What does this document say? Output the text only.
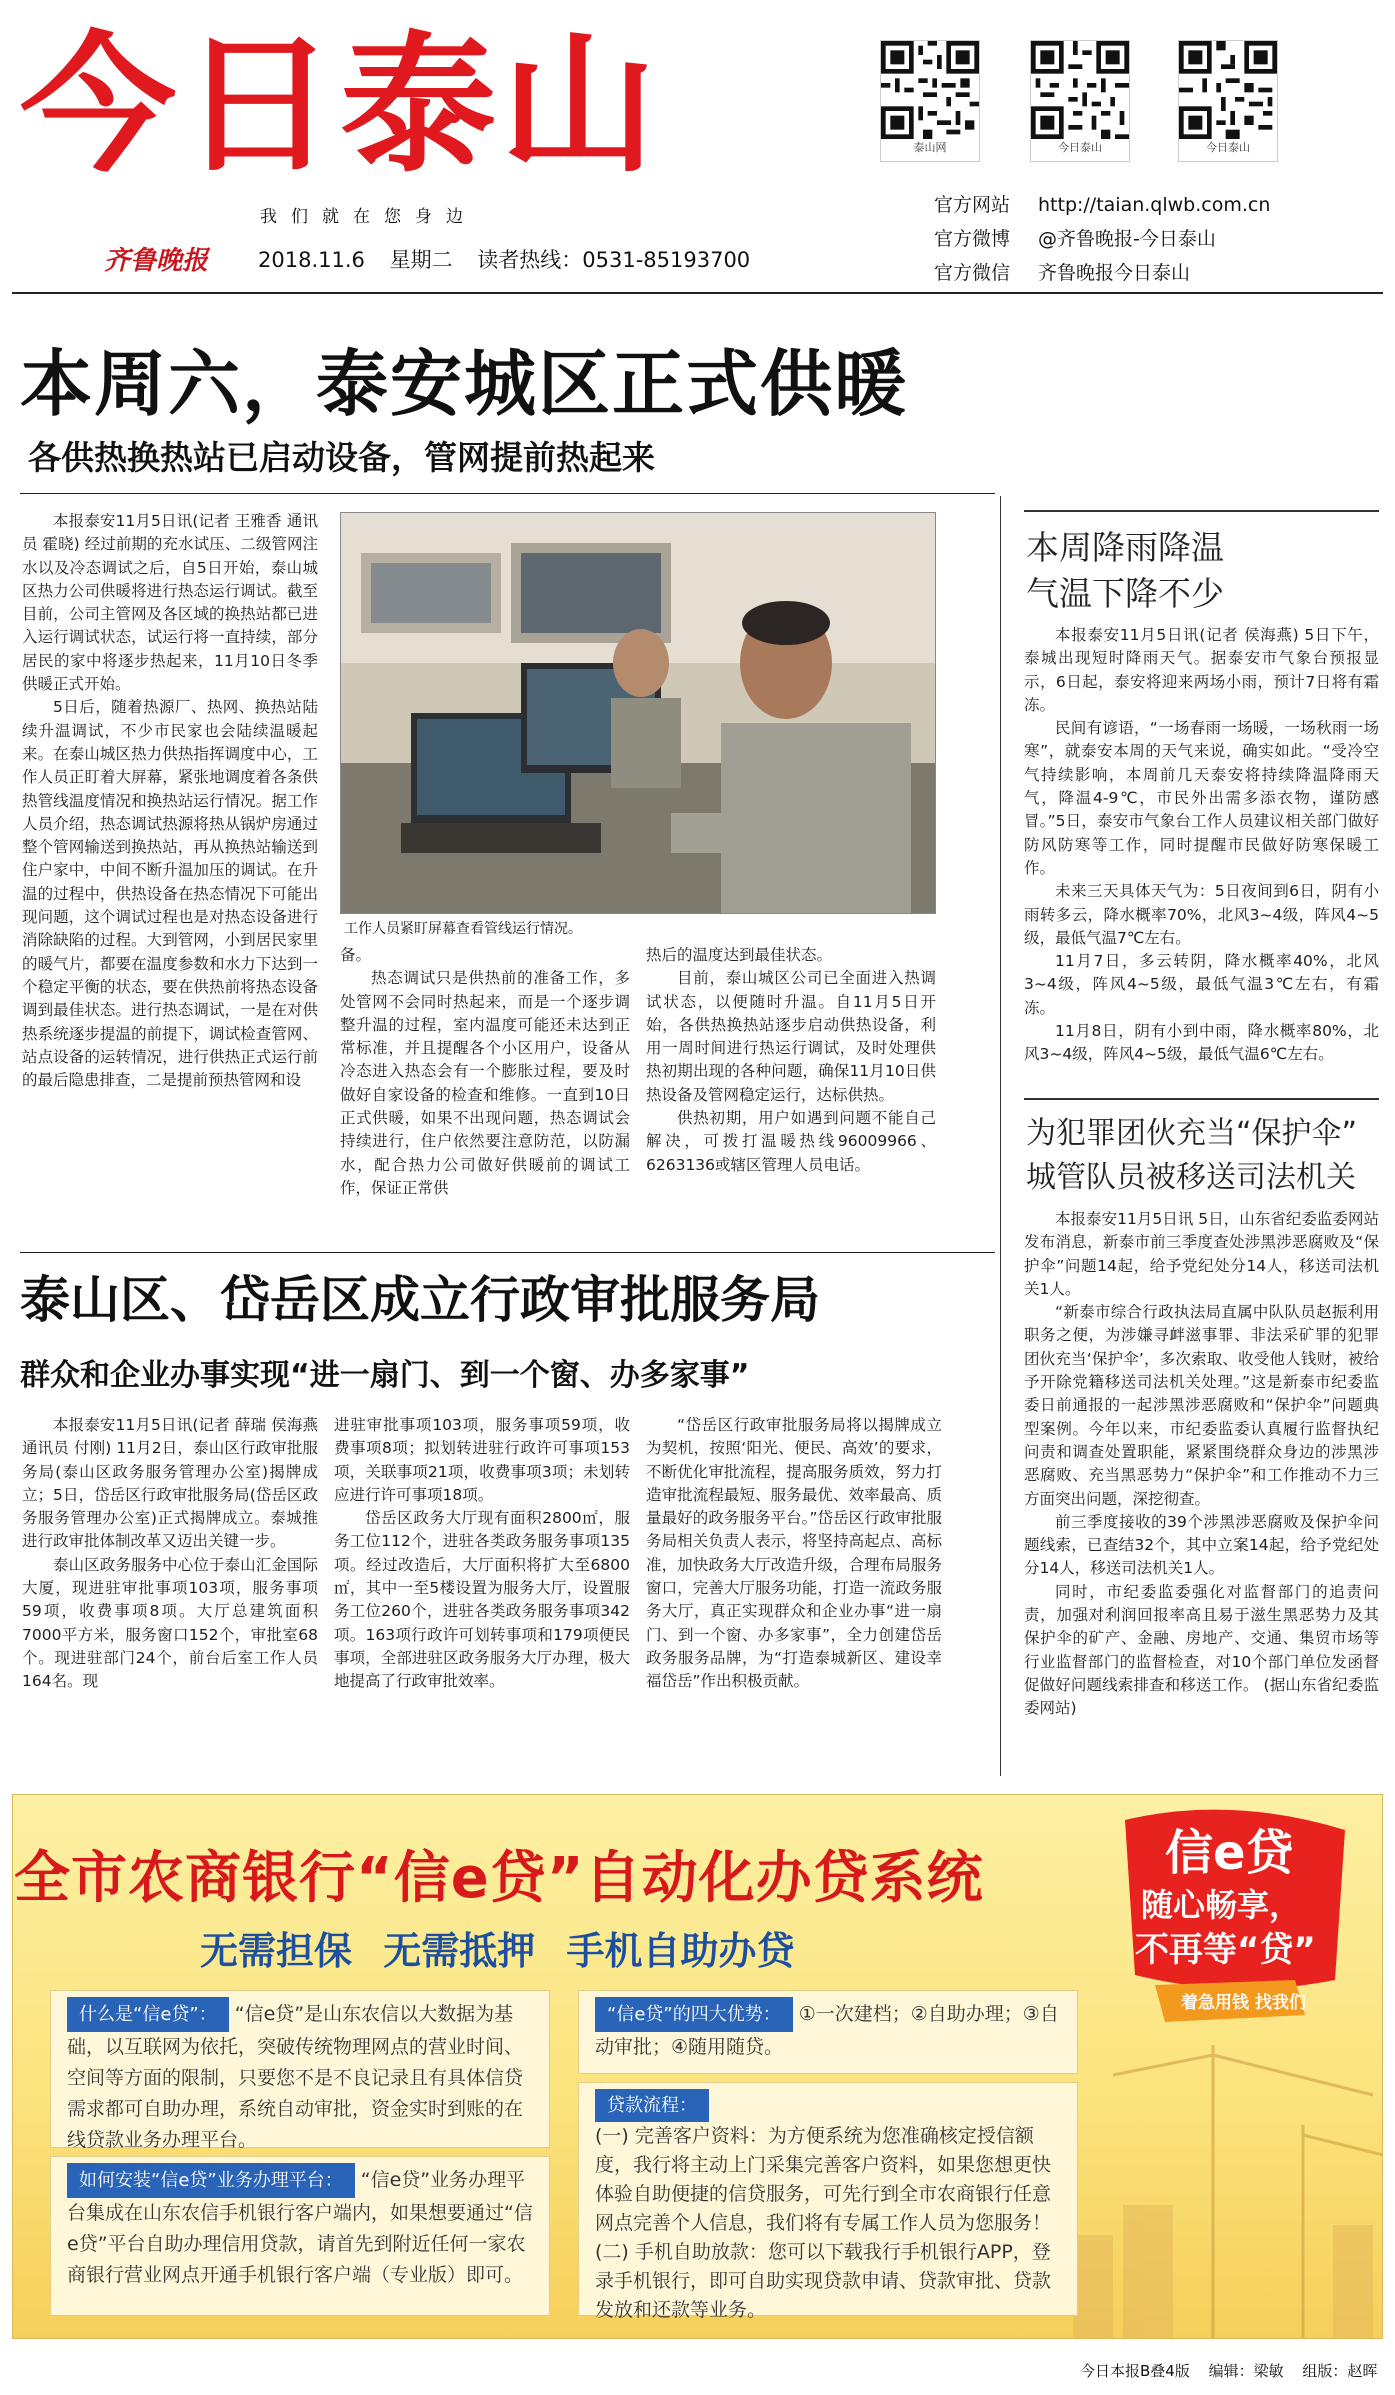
今日泰山
我们就在您身边
齐鲁晚报 2018.11.6 星期二 读者热线：0531-85193700
泰山网	今日泰山	今日泰山
官方网站	http://taian.qlwb.com.cn
官方微博	@齐鲁晚报-今日泰山
官方微信	齐鲁晚报今日泰山
本周六，泰安城区正式供暖
各供热换热站已启动设备，管网提前热起来

本报泰安11月5日讯(记者 王雅香 通讯员 霍晓) 经过前期的充水试压、二级管网注水以及冷态调试之后，自5日开始，泰山城区热力公司供暖将进行热态运行调试。截至目前，公司主管网及各区域的换热站都已进入运行调试状态，试运行将一直持续，部分居民的家中将逐步热起来，11月10日冬季供暖正式开始。

5日后，随着热源厂、热网、换热站陆续升温调试，不少市民家也会陆续温暖起来。在泰山城区热力供热指挥调度中心，工作人员正盯着大屏幕，紧张地调度着各条供热管线温度情况和换热站运行情况。据工作人员介绍，热态调试热源将热从锅炉房通过整个管网输送到换热站，再从换热站输送到住户家中，中间不断升温加压的调试。在升温的过程中，供热设备在热态情况下可能出现问题，这个调试过程也是对热态设备进行消除缺陷的过程。大到管网，小到居民家里的暖气片，都要在温度参数和水力下达到一个稳定平衡的状态，要在供热前将热态设备调到最佳状态。进行热态调试，一是在对供热系统逐步提温的前提下，调试检查管网、站点设备的运转情况，进行供热正式运行前的最后隐患排查，二是提前预热管网和设

工作人员紧盯屏幕查看管线运行情况。

备。

热态调试只是供热前的准备工作，多处管网不会同时热起来，而是一个逐步调整升温的过程，室内温度可能还未达到正常标准，并且提醒各个小区用户，设备从冷态进入热态会有一个膨胀过程，要及时做好自家设备的检查和维修。一直到10日正式供暖，如果不出现问题，热态调试会持续进行，住户依然要注意防范，以防漏水，配合热力公司做好供暖前的调试工作，保证正常供

热后的温度达到最佳状态。

目前，泰山城区公司已全面进入热调试状态，以便随时升温。自11月5日开始，各供热换热站逐步启动供热设备，利用一周时间进行热运行调试，及时处理供热初期出现的各种问题，确保11月10日供热设备及管网稳定运行，达标供热。

供热初期，用户如遇到问题不能自己解决，可拨打温暖热线96009966、6263136或辖区管理人员电话。

本周降雨降温
气温下降不少

本报泰安11月5日讯(记者 侯海燕) 5日下午，泰城出现短时降雨天气。据泰安市气象台预报显示，6日起，泰安将迎来两场小雨，预计7日将有霜冻。

民间有谚语，“一场春雨一场暖，一场秋雨一场寒”，就泰安本周的天气来说，确实如此。“受冷空气持续影响，本周前几天泰安将持续降温降雨天气，降温4-9℃，市民外出需多添衣物，谨防感冒。”5日，泰安市气象台工作人员建议相关部门做好防风防寒等工作，同时提醒市民做好防寒保暖工作。

未来三天具体天气为：5日夜间到6日，阴有小雨转多云，降水概率70%，北风3~4级，阵风4~5级，最低气温7℃左右。

11月7日，多云转阴，降水概率40%，北风3~4级，阵风4~5级，最低气温3℃左右，有霜冻。

11月8日，阴有小到中雨，降水概率80%，北风3~4级，阵风4~5级，最低气温6℃左右。

为犯罪团伙充当“保护伞”
城管队员被移送司法机关

本报泰安11月5日讯 5日，山东省纪委监委网站发布消息，新泰市前三季度查处涉黑涉恶腐败及“保护伞”问题14起，给予党纪处分14人，移送司法机关1人。

“新泰市综合行政执法局直属中队队员赵振利用职务之便，为涉嫌寻衅滋事罪、非法采矿罪的犯罪团伙充当‘保护伞’，多次索取、收受他人钱财，被给予开除党籍移送司法机关处理。”这是新泰市纪委监委日前通报的一起涉黑涉恶腐败和“保护伞”问题典型案例。今年以来，市纪委监委认真履行监督执纪问责和调查处置职能，紧紧围绕群众身边的涉黑涉恶腐败、充当黑恶势力“保护伞”和工作推动不力三方面突出问题，深挖彻查。

前三季度接收的39个涉黑涉恶腐败及保护伞问题线索，已查结32个，其中立案14起，给予党纪处分14人，移送司法机关1人。

同时，市纪委监委强化对监督部门的追责问责，加强对利润回报率高且易于滋生黑恶势力及其保护伞的矿产、金融、房地产、交通、集贸市场等行业监督部门的监督检查，对10个部门单位发函督促做好问题线索排查和移送工作。 (据山东省纪委监委网站)

泰山区、岱岳区成立行政审批服务局
群众和企业办事实现“进一扇门、到一个窗、办多家事”

本报泰安11月5日讯(记者 薛瑞 侯海燕 通讯员 付刚) 11月2日，泰山区行政审批服务局(泰山区政务服务管理办公室)揭牌成立；5日，岱岳区行政审批服务局(岱岳区政务服务管理办公室)正式揭牌成立。泰城推进行政审批体制改革又迈出关键一步。

泰山区政务服务中心位于泰山汇金国际大厦，现进驻审批事项103项，服务事项59项，收费事项8项。大厅总建筑面积7000平方米，服务窗口152个，审批室68个。现进驻部门24个，前台后室工作人员164名。现

进驻审批事项103项，服务事项59项，收费事项8项；拟划转进驻行政许可事项153项，关联事项21项，收费事项3项；未划转应进行许可事项18项。

岱岳区政务大厅现有面积2800㎡，服务工位112个，进驻各类政务服务事项135项。经过改造后，大厅面积将扩大至6800㎡，其中一至5楼设置为服务大厅，设置服务工位260个，进驻各类政务服务事项342项。163项行政许可划转事项和179项便民事项，全部进驻区政务服务大厅办理，极大地提高了行政审批效率。

“岱岳区行政审批服务局将以揭牌成立为契机，按照‘阳光、便民、高效’的要求，不断优化审批流程，提高服务质效，努力打造审批流程最短、服务最优、效率最高、质量最好的政务服务平台。”岱岳区行政审批服务局相关负责人表示，将坚持高起点、高标准，加快政务大厅改造升级，合理布局服务窗口，完善大厅服务功能，打造一流政务服务大厅，真正实现群众和企业办事“进一扇门、到一个窗、办多家事”，全力创建岱岳政务服务品牌，为“打造泰城新区、建设幸福岱岳”作出积极贡献。

全市农商银行“信e贷”自动化办贷系统
无需担保 无需抵押 手机自助办贷
信e贷
随心畅享，
不再等“贷”
着急用钱 找我们
什么是“信e贷”： “信e贷”是山东农信以大数据为基础，以互联网为依托，突破传统物理网点的营业时间、空间等方面的限制，只要您不是不良记录且有具体信贷需求都可自助办理，系统自动审批，资金实时到账的在线贷款业务办理平台。
如何安装“信e贷”业务办理平台： “信e贷”业务办理平台集成在山东农信手机银行客户端内，如果想要通过“信e贷”平台自助办理信用贷款，请首先到附近任何一家农商银行营业网点开通手机银行客户端（专业版）即可。
“信e贷”的四大优势： ①一次建档；②自助办理；③自动审批；④随用随贷。
贷款流程：
(一) 完善客户资料：为方便系统为您准确核定授信额度，我行将主动上门采集完善客户资料，如果您想更快体验自助便捷的信贷服务，可先行到全市农商银行任意网点完善个人信息，我们将有专属工作人员为您服务！
(二) 手机自助放款：您可以下载我行手机银行APP，登录手机银行，即可自助实现贷款申请、贷款审批、贷款发放和还款等业务。
今日本报B叠4版 编辑：梁敏 组版：赵晖
